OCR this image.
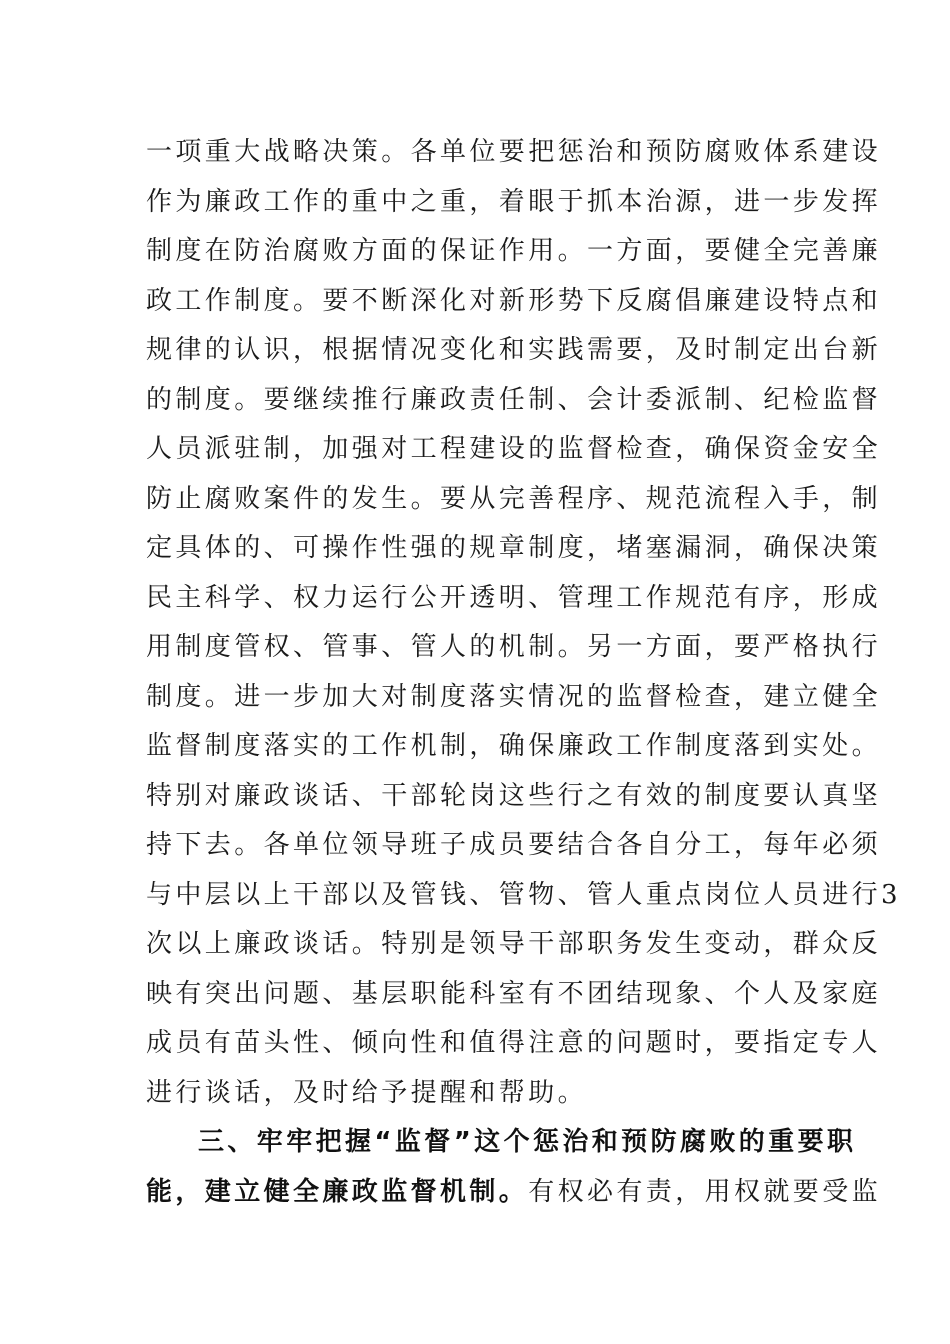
一项重大战略决策。各单位要把惩治和预防腐败体系建设
作为廉政工作的重中之重，着眼于抓本治源，进一步发挥
制度在防治腐败方面的保证作用。一方面，要健全完善廉
政工作制度。要不断深化对新形势下反腐倡廉建设特点和
规律的认识，根据情况变化和实践需要，及时制定出台新
的制度。要继续推行廉政责任制、会计委派制、纪检监督
人员派驻制，加强对工程建设的监督检查，确保资金安全
防止腐败案件的发生。要从完善程序、规范流程入手，制
定具体的、可操作性强的规章制度，堵塞漏洞，确保决策
民主科学、权力运行公开透明、管理工作规范有序，形成
用制度管权、管事、管人的机制。另一方面，要严格执行
制度。进一步加大对制度落实情况的监督检查，建立健全
监督制度落实的工作机制，确保廉政工作制度落到实处。
特别对廉政谈话、干部轮岗这些行之有效的制度要认真坚
持下去。各单位领导班子成员要结合各自分工，每年必须
与中层以上干部以及管钱、管物、管人重点岗位人员进行3
次以上廉政谈话。特别是领导干部职务发生变动，群众反
映有突出问题、基层职能科室有不团结现象、个人及家庭
成员有苗头性、倾向性和值得注意的问题时，要指定专人
进行谈话，及时给予提醒和帮助。
三、牢牢把握“监督”这个惩治和预防腐败的重要职
能，建立健全廉政监督机制。有权必有责，用权就要受监
